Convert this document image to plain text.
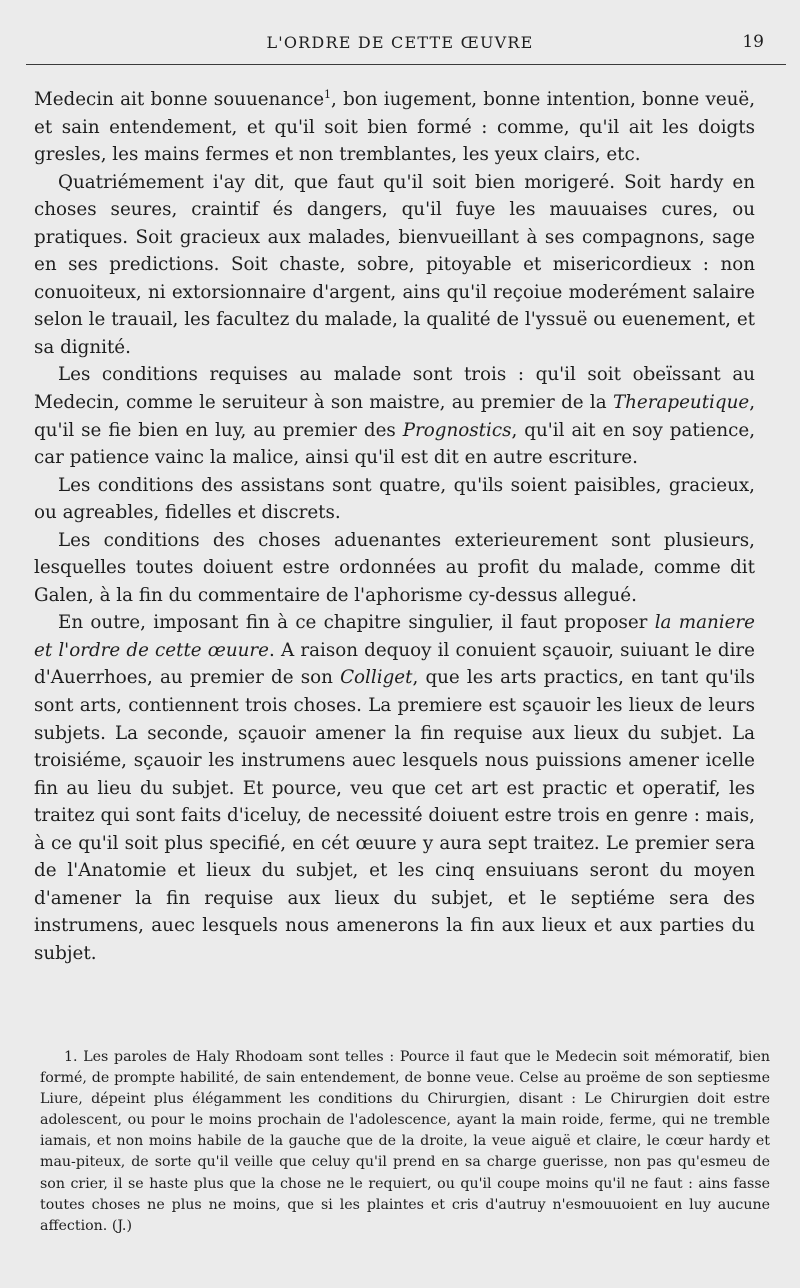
L'ORDRE DE CETTE ŒUVRE	19

Medecin ait bonne souuenance$^1$, bon iugement, bonne intention, bonne veuë, et sain entendement, et qu'il soit bien formé : comme, qu'il ait les doigts gresles, les mains fermes et non tremblantes, les yeux clairs, etc.

Quatriémement i'ay dit, que faut qu'il soit bien morigeré. Soit hardy en choses seures, craintif és dangers, qu'il fuye les mauuaises cures, ou pratiques. Soit gracieux aux malades, bienvueillant à ses compagnons, sage en ses predictions. Soit chaste, sobre, pitoyable et misericordieux : non conuoiteux, ni extorsionnaire d'argent, ains qu'il reçoiue moderément salaire selon le trauail, les facultez du malade, la qualité de l'yssuë ou euenement, et sa dignité.

Les conditions requises au malade sont trois : qu'il soit obeïssant au Medecin, comme le seruiteur à son maistre, au premier de la Therapeutique, qu'il se fie bien en luy, au premier des Prognostics, qu'il ait en soy patience, car patience vainc la malice, ainsi qu'il est dit en autre escriture.

Les conditions des assistans sont quatre, qu'ils soient paisibles, gracieux, ou agreables, fidelles et discrets.

Les conditions des choses aduenantes exterieurement sont plusieurs, lesquelles toutes doiuent estre ordonnées au profit du malade, comme dit Galen, à la fin du commentaire de l'aphorisme cy-dessus allegué.

En outre, imposant fin à ce chapitre singulier, il faut proposer la maniere et l'ordre de cette œuure. A raison dequoy il conuient sçauoir, suiuant le dire d'Auerrhoes, au premier de son Colliget, que les arts practics, en tant qu'ils sont arts, contiennent trois choses. La premiere est sçauoir les lieux de leurs subjets. La seconde, sçauoir amener la fin requise aux lieux du subjet. La troisiéme, sçauoir les instrumens auec lesquels nous puissions amener icelle fin au lieu du subjet. Et pource, veu que cet art est practic et operatif, les traitez qui sont faits d'iceluy, de necessité doiuent estre trois en genre : mais, à ce qu'il soit plus specifié, en cét œuure y aura sept traitez. Le premier sera de l'Anatomie et lieux du subjet, et les cinq ensuiuans seront du moyen d'amener la fin requise aux lieux du subjet, et le septiéme sera des instrumens, auec lesquels nous amenerons la fin aux lieux et aux parties du subjet.

1. Les paroles de Haly Rhodoam sont telles : Pource il faut que le Medecin soit mémoratif, bien formé, de prompte habilité, de sain entendement, de bonne veue. Celse au proëme de son septiesme Liure, dépeint plus élégamment les conditions du Chirurgien, disant : Le Chirurgien doit estre adolescent, ou pour le moins prochain de l'adolescence, ayant la main roide, ferme, qui ne tremble iamais, et non moins habile de la gauche que de la droite, la veue aiguë et claire, le cœur hardy et mau-piteux, de sorte qu'il veille que celuy qu'il prend en sa charge guerisse, non pas qu'esmeu de son crier, il se haste plus que la chose ne le requiert, ou qu'il coupe moins qu'il ne faut : ains fasse toutes choses ne plus ne moins, que si les plaintes et cris d'autruy n'esmouuoient en luy aucune affection. (J.)
